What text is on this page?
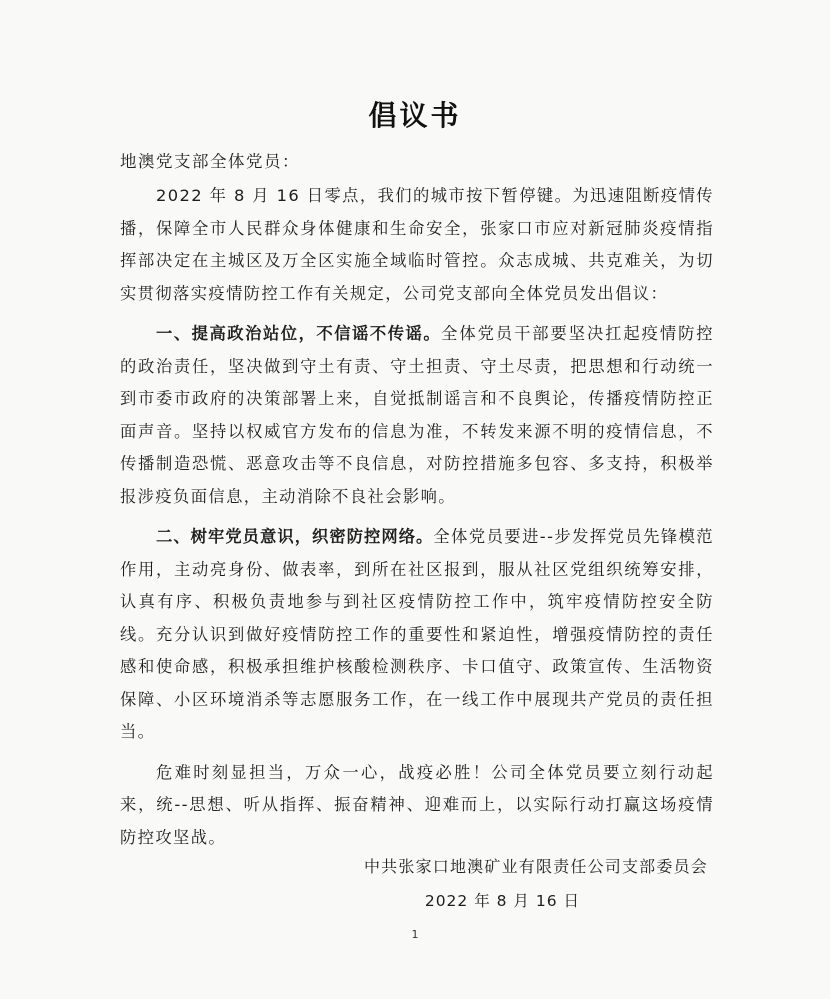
倡议书
地澳党支部全体党员：

2022 年 8 月 16 日零点，我们的城市按下暂停键。为迅速阻断疫情传播，保障全市人民群众身体健康和生命安全，张家口市应对新冠肺炎疫情指挥部决定在主城区及万全区实施全域临时管控。众志成城、共克难关，为切实贯彻落实疫情防控工作有关规定，公司党支部向全体党员发出倡议：

一、提高政治站位，不信谣不传谣。全体党员干部要坚决扛起疫情防控的政治责任，坚决做到守土有责、守土担责、守土尽责，把思想和行动统一到市委市政府的决策部署上来，自觉抵制谣言和不良舆论，传播疫情防控正面声音。坚持以权威官方发布的信息为准，不转发来源不明的疫情信息，不传播制造恐慌、恶意攻击等不良信息，对防控措施多包容、多支持，积极举报涉疫负面信息，主动消除不良社会影响。

二、树牢党员意识，织密防控网络。全体党员要进--步发挥党员先锋模范作用，主动亮身份、做表率，到所在社区报到，服从社区党组织统筹安排，认真有序、积极负责地参与到社区疫情防控工作中，筑牢疫情防控安全防线。充分认识到做好疫情防控工作的重要性和紧迫性，增强疫情防控的责任感和使命感，积极承担维护核酸检测秩序、卡口值守、政策宣传、生活物资保障、小区环境消杀等志愿服务工作，在一线工作中展现共产党员的责任担当。

危难时刻显担当，万众一心，战疫必胜！公司全体党员要立刻行动起来，统--思想、听从指挥、振奋精神、迎难而上，以实际行动打赢这场疫情防控攻坚战。

中共张家口地澳矿业有限责任公司支部委员会
2022 年 8 月 16 日
1
